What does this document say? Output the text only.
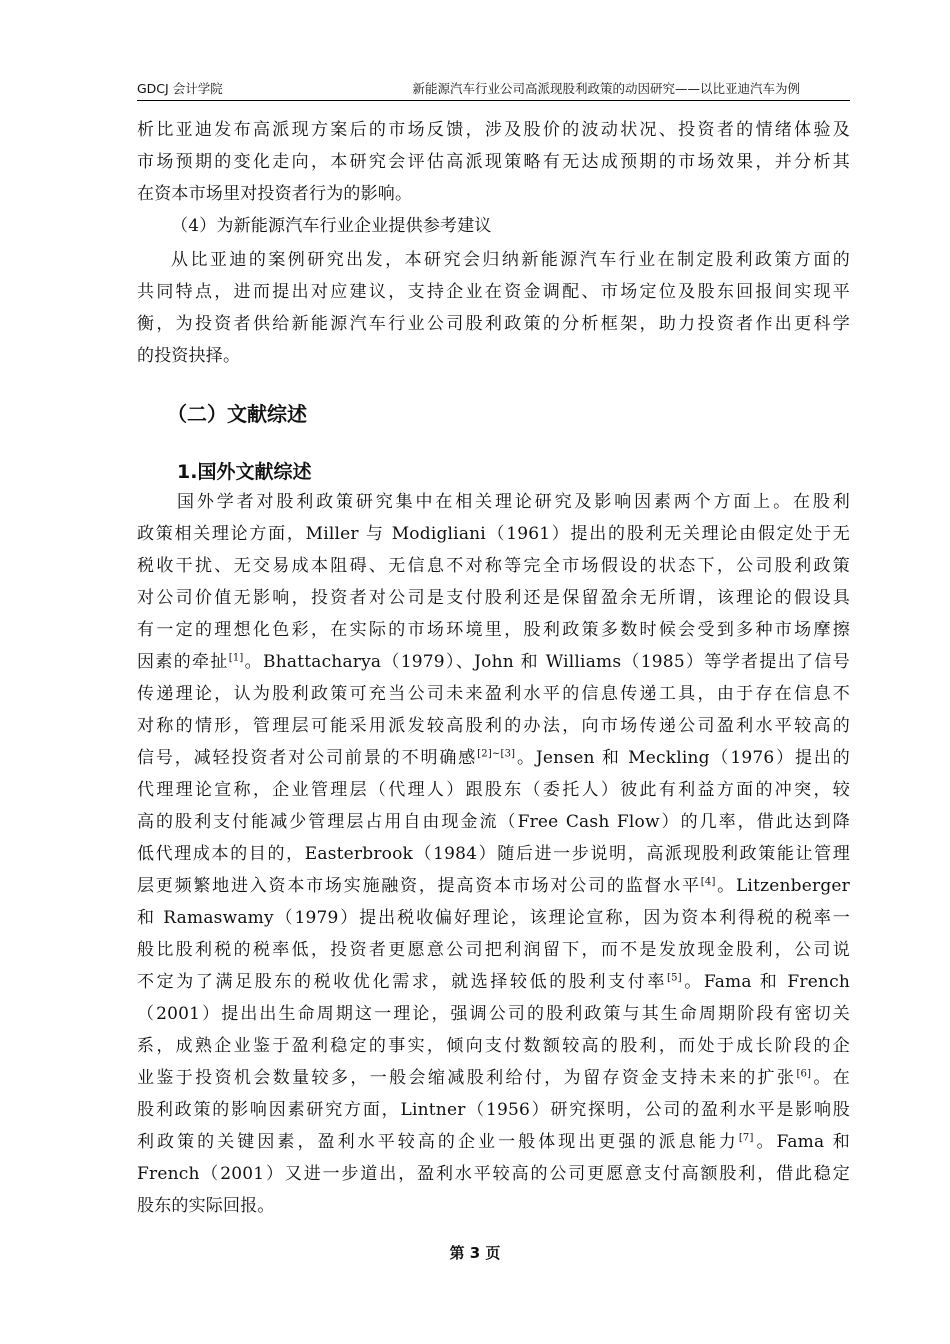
GDCJ 会计学院	新能源汽车行业公司高派现股利政策的动因研究——以比亚迪汽车为例
析比亚迪发布高派现方案后的市场反馈，涉及股价的波动状况、投资者的情绪体验及
市场预期的变化走向，本研究会评估高派现策略有无达成预期的市场效果，并分析其
在资本市场里对投资者行为的影响。
（4）为新能源汽车行业企业提供参考建议
从比亚迪的案例研究出发，本研究会归纳新能源汽车行业在制定股利政策方面的
共同特点，进而提出对应建议，支持企业在资金调配、市场定位及股东回报间实现平
衡，为投资者供给新能源汽车行业公司股利政策的分析框架，助力投资者作出更科学
的投资抉择。
（二）文献综述
1.国外文献综述
国外学者对股利政策研究集中在相关理论研究及影响因素两个方面上。在股利
政策相关理论方面，Miller 与 Modigliani（1961）提出的股利无关理论由假定处于无
税收干扰、无交易成本阻碍、无信息不对称等完全市场假设的状态下，公司股利政策
对公司价值无影响，投资者对公司是支付股利还是保留盈余无所谓，该理论的假设具
有一定的理想化色彩，在实际的市场环境里，股利政策多数时候会受到多种市场摩擦
因素的牵扯[1]。Bhattacharya（1979）、John 和 Williams（1985）等学者提出了信号
传递理论，认为股利政策可充当公司未来盈利水平的信息传递工具，由于存在信息不
对称的情形，管理层可能采用派发较高股利的办法，向市场传递公司盈利水平较高的
信号，减轻投资者对公司前景的不明确感[2]~[3]。Jensen 和 Meckling（1976）提出的
代理理论宣称，企业管理层（代理人）跟股东（委托人）彼此有利益方面的冲突，较
高的股利支付能减少管理层占用自由现金流（Free Cash Flow）的几率，借此达到降
低代理成本的目的，Easterbrook（1984）随后进一步说明，高派现股利政策能让管理
层更频繁地进入资本市场实施融资，提高资本市场对公司的监督水平[4]。Litzenberger
和 Ramaswamy（1979）提出税收偏好理论，该理论宣称，因为资本利得税的税率一
般比股利税的税率低，投资者更愿意公司把利润留下，而不是发放现金股利，公司说
不定为了满足股东的税收优化需求，就选择较低的股利支付率[5]。Fama 和 French
（2001）提出出生命周期这一理论，强调公司的股利政策与其生命周期阶段有密切关
系，成熟企业鉴于盈利稳定的事实，倾向支付数额较高的股利，而处于成长阶段的企
业鉴于投资机会数量较多，一般会缩减股利给付，为留存资金支持未来的扩张[6]。在
股利政策的影响因素研究方面，Lintner（1956）研究探明，公司的盈利水平是影响股
利政策的关键因素，盈利水平较高的企业一般体现出更强的派息能力[7]。Fama 和
French（2001）又进一步道出，盈利水平较高的公司更愿意支付高额股利，借此稳定
股东的实际回报。
第 3 页
